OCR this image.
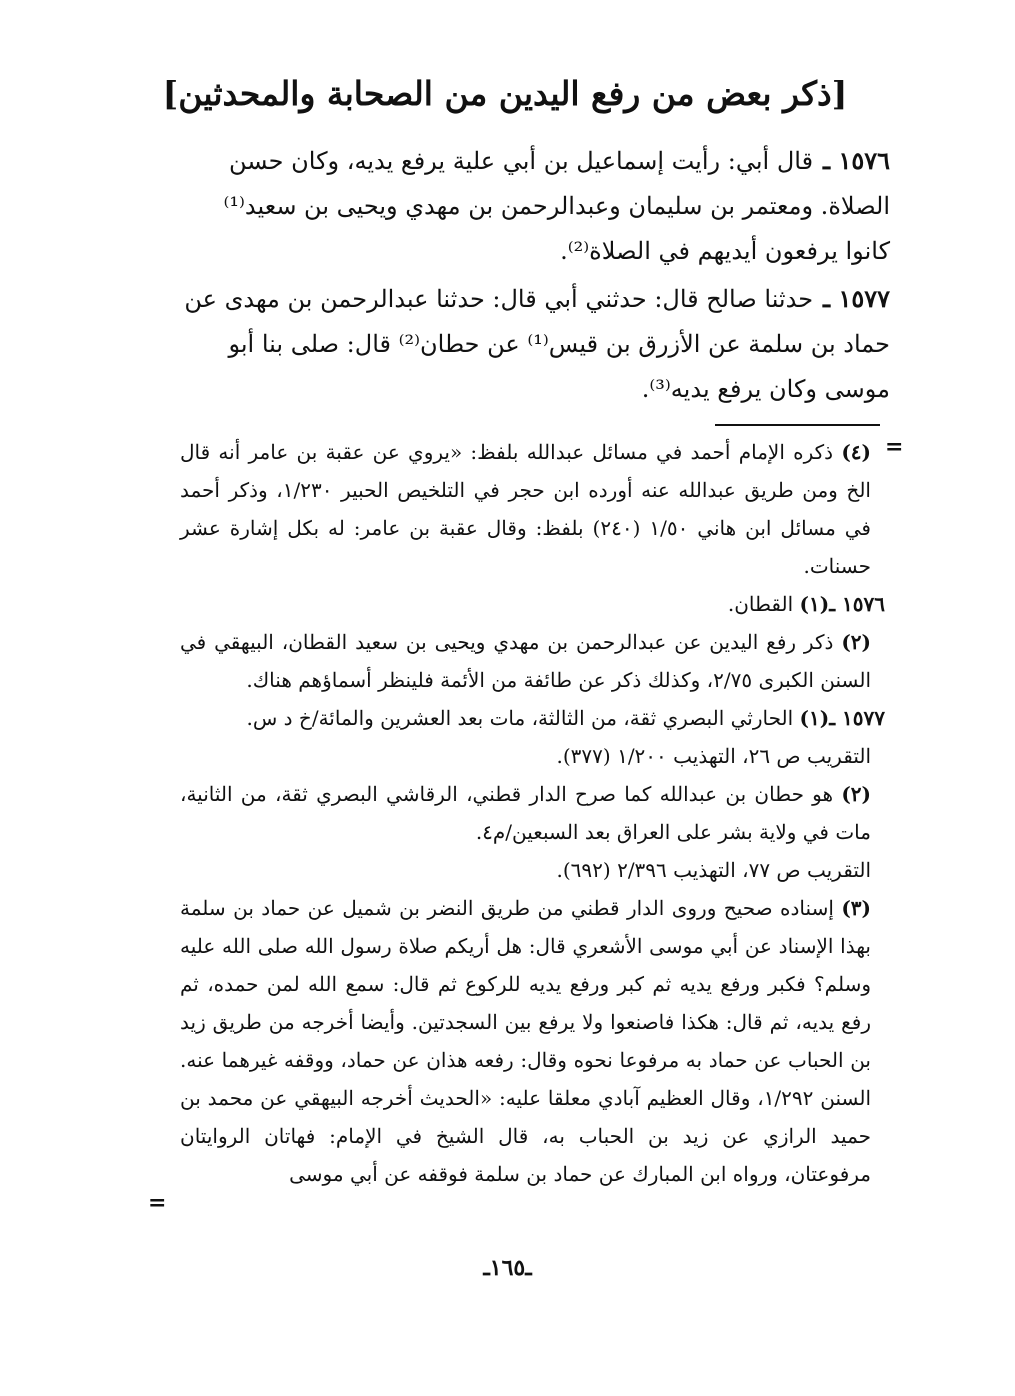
[ذكر بعض من رفع اليدين من الصحابة والمحدثين]
١٥٧٦ ـقال أبي: رأيت إسماعيل بن أبي علية يرفع يديه، وكان حسن الصلاة. ومعتمر بن سليمان وعبدالرحمن بن مهدي ويحيى بن سعيد⁽¹⁾ كانوا يرفعون أيديهم في الصلاة⁽²⁾.
١٥٧٧ ـحدثنا صالح قال: حدثني أبي قال: حدثنا عبدالرحمن بن مهدى عن حماد بن سلمة عن الأزرق بن قيس⁽¹⁾ عن حطان⁽²⁾ قال: صلى بنا أبو موسى وكان يرفع يديه⁽³⁾.
=

(٤) ذكره الإمام أحمد في مسائل عبدالله بلفظ: «يروي عن عقبة بن عامر أنه قال الخ ومن طريق عبدالله عنه أورده ابن حجر في التلخيص الحبير ١/٢٣٠، وذكر أحمد في مسائل ابن هاني ١/٥٠ (٢٤٠) بلفظ: وقال عقبة بن عامر: له بكل إشارة عشر حسنات.

١٥٧٦ ـ(١) القطان.

(٢) ذكر رفع اليدين عن عبدالرحمن بن مهدي ويحيى بن سعيد القطان، البيهقي في السنن الكبرى ٢/٧٥، وكذلك ذكر عن طائفة من الأئمة فلينظر أسماؤهم هناك.

١٥٧٧ ـ(١) الحارثي البصري ثقة، من الثالثة، مات بعد العشرين والمائة/خ د س.

التقريب ص ٢٦، التهذيب ١/٢٠٠ (٣٧٧).

(٢) هو حطان بن عبدالله كما صرح الدار قطني، الرقاشي البصري ثقة، من الثانية، مات في ولاية بشر على العراق بعد السبعين/م٤.

التقريب ص ٧٧، التهذيب ٢/٣٩٦ (٦٩٢).

(٣) إسناده صحيح وروى الدار قطني من طريق النضر بن شميل عن حماد بن سلمة بهذا الإسناد عن أبي موسى الأشعري قال: هل أريكم صلاة رسول الله صلى الله عليه وسلم؟ فكبر ورفع يديه ثم كبر ورفع يديه للركوع ثم قال: سمع الله لمن حمده، ثم رفع يديه، ثم قال: هكذا فاصنعوا ولا يرفع بين السجدتين. وأيضا أخرجه من طريق زيد بن الحباب عن حماد به مرفوعا نحوه وقال: رفعه هذان عن حماد، ووقفه غيرهما عنه. السنن ١/٢٩٢، وقال العظيم آبادي معلقا عليه: «الحديث أخرجه البيهقي عن محمد بن حميد الرازي عن زيد بن الحباب به، قال الشيخ في الإمام: فهاتان الروايتان مرفوعتان، ورواه ابن المبارك عن حماد بن سلمة فوقفه عن أبي موسى

=
ـ١٦٥ـ
